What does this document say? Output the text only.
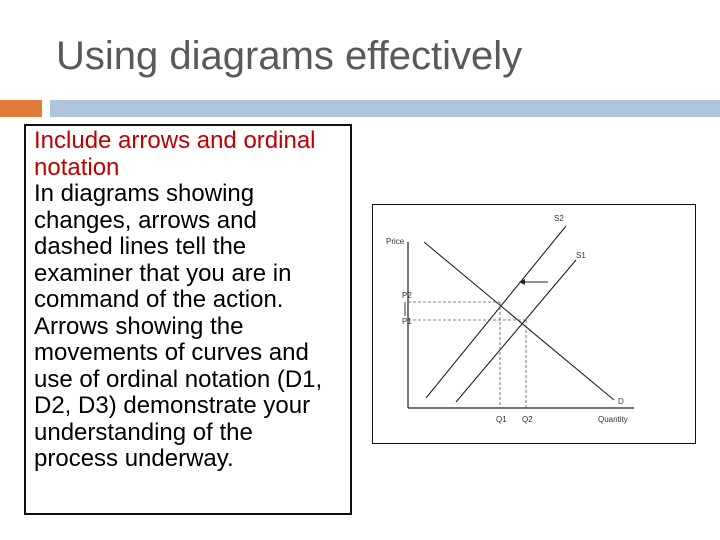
Using diagrams effectively

Include arrows and ordinal notation

In diagrams showing changes, arrows and dashed lines tell the examiner that you are in command of the action. Arrows showing the movements of curves and use of ordinal notation (D1, D2, D3) demonstrate your understanding of the process underway.

Price
Quantity
S2
S1
D
P2
P1
Q1 Q2
